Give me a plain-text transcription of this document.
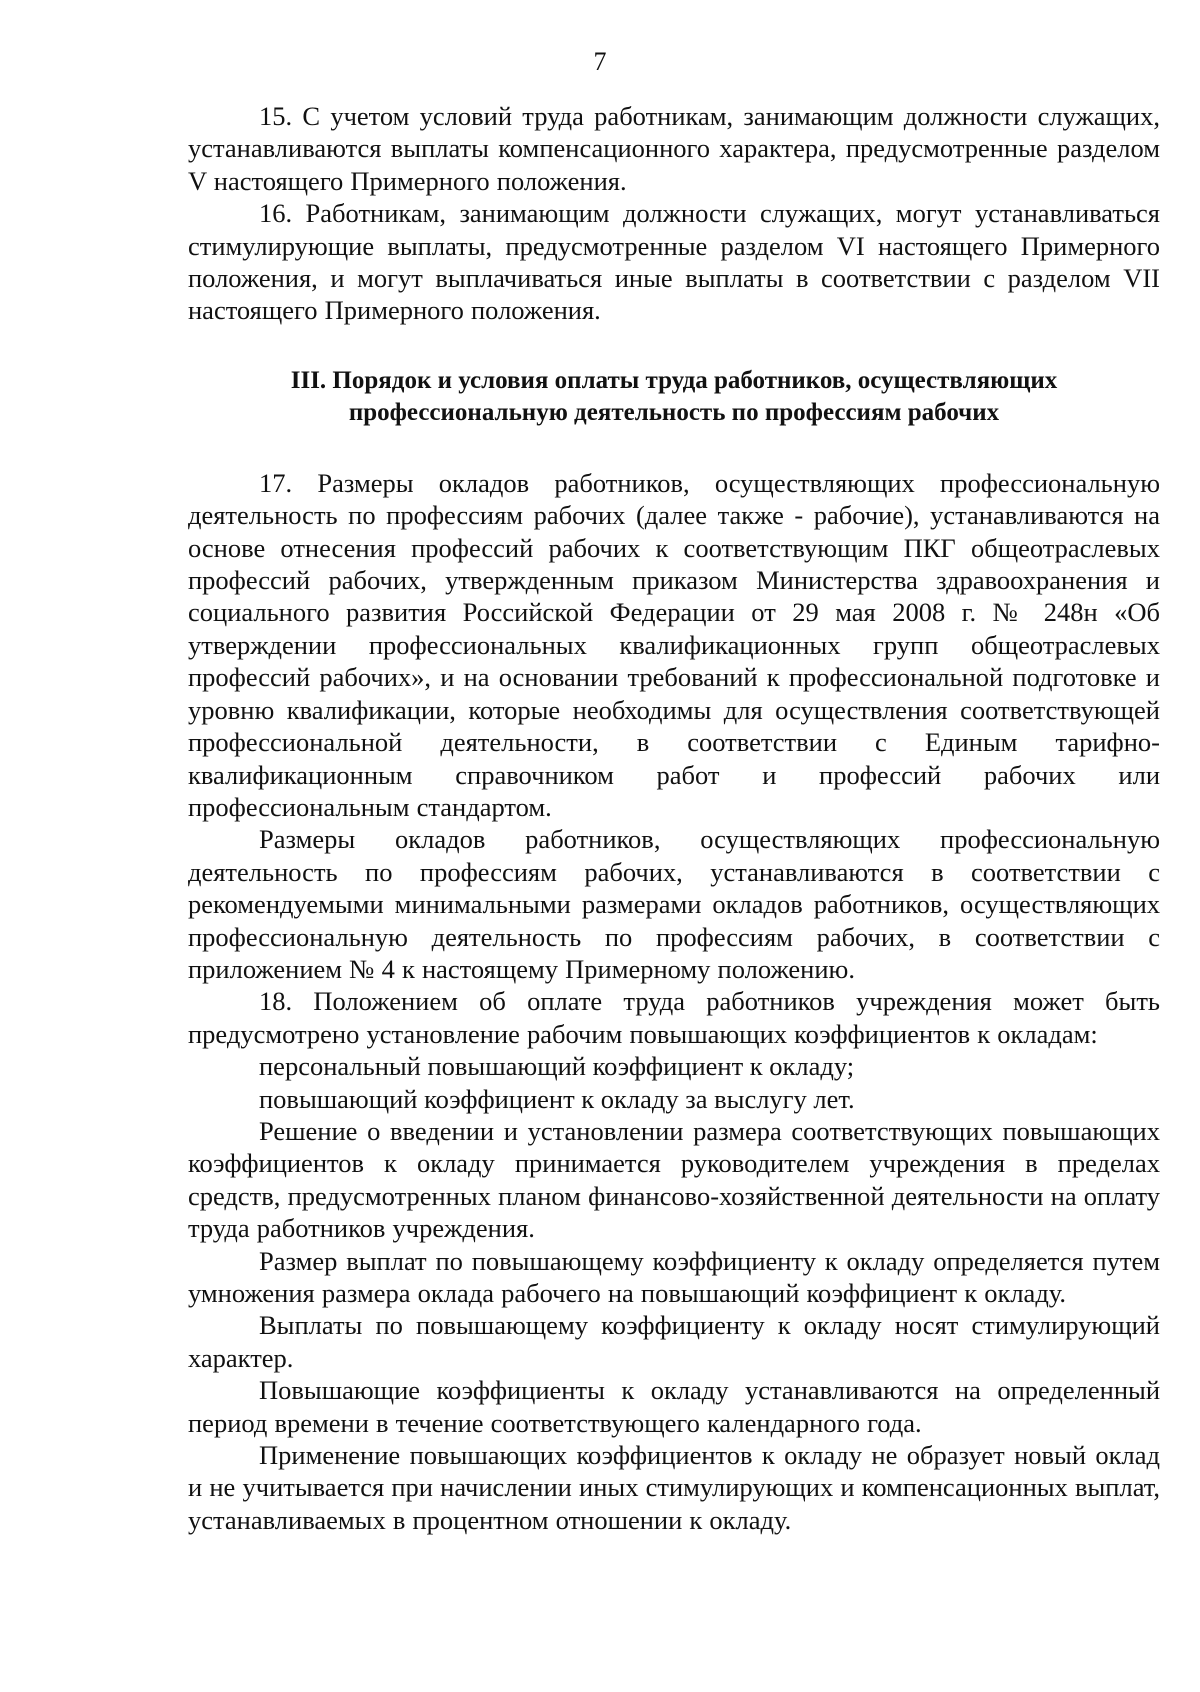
7

15. С учетом условий труда работникам, занимающим должности служащих, устанавливаются выплаты компенсационного характера, предусмотренные разделом V настоящего Примерного положения.

16. Работникам, занимающим должности служащих, могут устанавливаться стимулирующие выплаты, предусмотренные разделом VI настоящего Примерного положения, и могут выплачиваться иные выплаты в соответствии с разделом VII настоящего Примерного положения.

III. Порядок и условия оплаты труда работников, осуществляющих
профессиональную деятельность по профессиям рабочих

17. Размеры окладов работников, осуществляющих профессиональную деятельность по профессиям рабочих (далее также - рабочие), устанавливаются на основе отнесения профессий рабочих к соответствующим ПКГ общеотраслевых профессий рабочих, утвержденным приказом Министерства здравоохранения и социального развития Российской Федерации от 29 мая 2008 г. № 248н «Об утверждении профессиональных квалификационных групп общеотраслевых профессий рабочих», и на основании требований к профессиональной подготовке и уровню квалификации, которые необходимы для осуществления соответствующей профессиональной деятельности, в соответствии с Единым тарифно-квалификационным справочником работ и профессий рабочих или профессиональным стандартом.

Размеры окладов работников, осуществляющих профессиональную деятельность по профессиям рабочих, устанавливаются в соответствии с рекомендуемыми минимальными размерами окладов работников, осуществляющих профессиональную деятельность по профессиям рабочих, в соответствии с приложением № 4 к настоящему Примерному положению.

18. Положением об оплате труда работников учреждения может быть предусмотрено установление рабочим повышающих коэффициентов к окладам:

персональный повышающий коэффициент к окладу;

повышающий коэффициент к окладу за выслугу лет.

Решение о введении и установлении размера соответствующих повышающих коэффициентов к окладу принимается руководителем учреждения в пределах средств, предусмотренных планом финансово-хозяйственной деятельности на оплату труда работников учреждения.

Размер выплат по повышающему коэффициенту к окладу определяется путем умножения размера оклада рабочего на повышающий коэффициент к окладу.

Выплаты по повышающему коэффициенту к окладу носят стимулирующий характер.

Повышающие коэффициенты к окладу устанавливаются на определенный период времени в течение соответствующего календарного года.

Применение повышающих коэффициентов к окладу не образует новый оклад и не учитывается при начислении иных стимулирующих и компенсационных выплат, устанавливаемых в процентном отношении к окладу.
